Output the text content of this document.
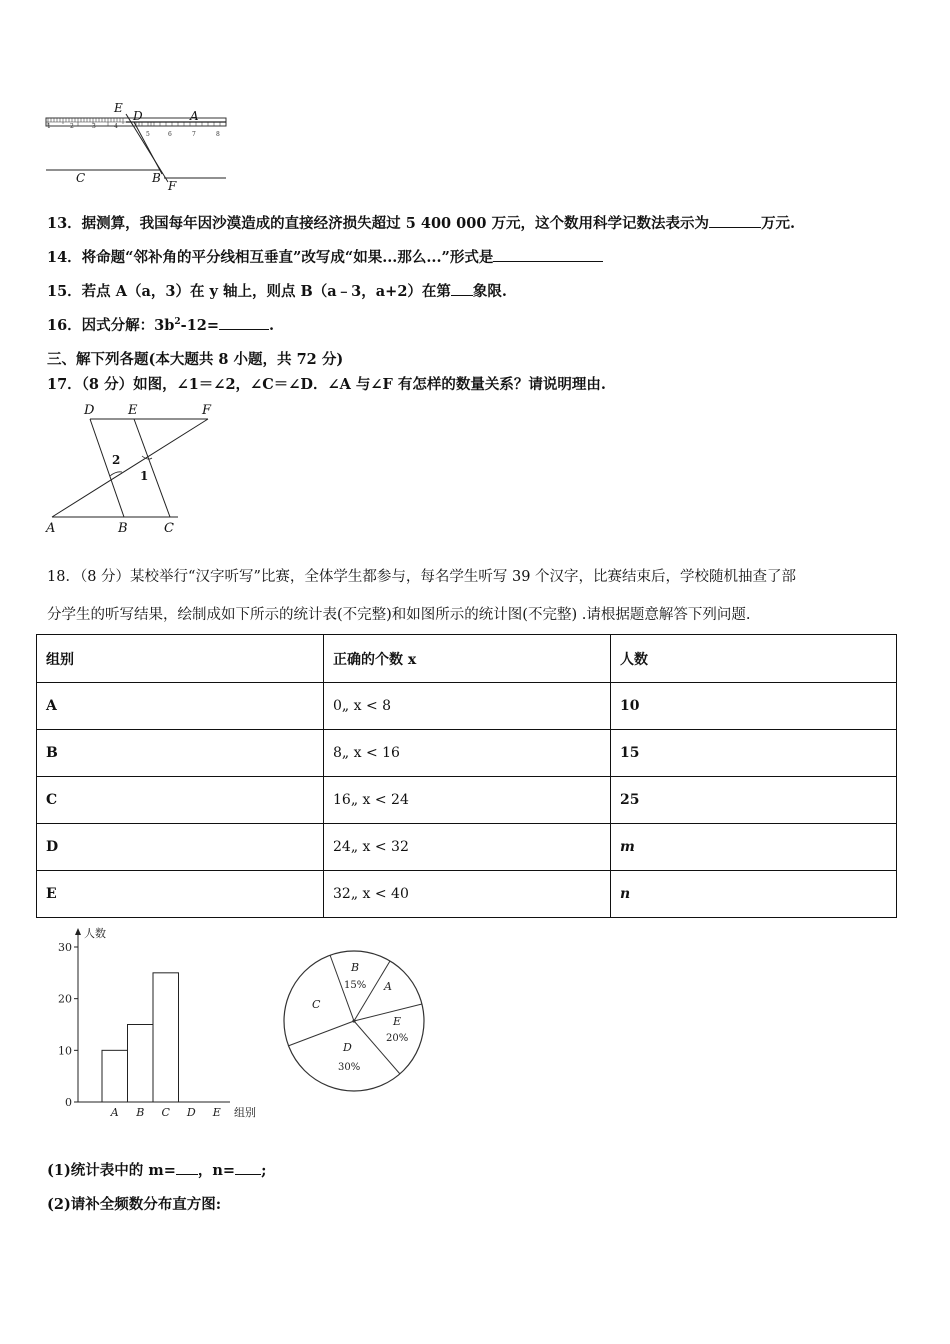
1	2	3	4
5	6	7	8
E
D	A
C	B
F
13．据测算，我国每年因沙漠造成的直接经济损失超过 5 400 000 万元，这个数用科学记数法表示为	万元.
14．将命题“邻补角的平分线相互垂直”改写成“如果...那么...”形式是
15．若点 A（a，3）在 y 轴上，则点 B（a﹣3，a+2）在第 象限.
16．因式分解：$3b^2-12=$	.
三、解下列各题(本大题共 8 小题，共 72 分)
17．（8 分）如图，∠1＝∠2，∠C＝∠D．∠A 与∠F 有怎样的数量关系？请说明理由.
D	E	F
A	B	C
2
1
18．（8 分）某校举行“汉字听写”比赛，全体学生都参与，每名学生听写 39 个汉字，比赛结束后，学校随机抽查了部
分学生的听写结果，绘制成如下所示的统计表(不完整)和如图所示的统计图(不完整) .请根据题意解答下列问题.
组别	正确的个数 x	人数
A	0„ x < 8	10
B	8„ x < 16	15
C	16„ x < 24	25
D	24„ x < 32	m
E	32„ x < 40	n
人数
组别
0
10
20
30
A B C D E
B
A
C
D
E
15%
30%
20%
(1)统计表中的 m= ，n= ;
(2)请补全频数分布直方图:
